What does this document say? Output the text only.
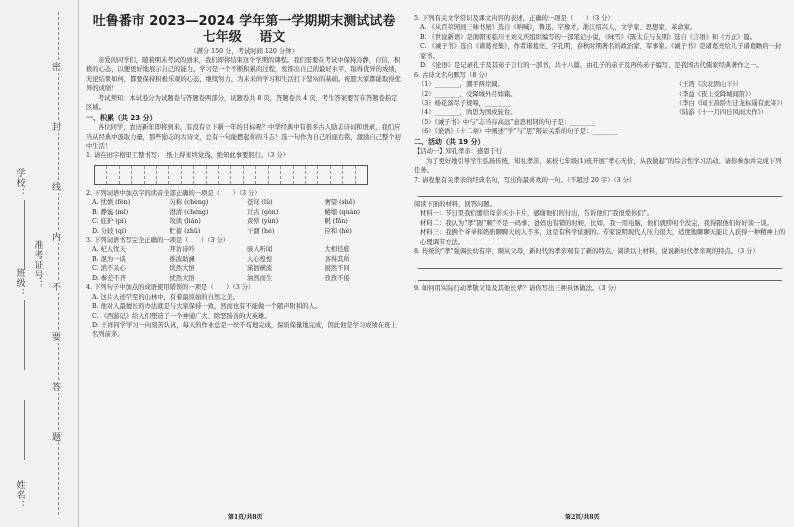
学校：
班级：
姓名：
准考证号：
密
封
线
内
不
要
答
题

吐鲁番市 2023—2024 学年第一学期期末测试试卷

七年级　 语文

（满分 150 分，考试时间 120 分钟）

亲爱的同学们，随着期末考试的到来，我们即将结束这个学期的课程。我们需要在考试中保持冷静，自信，积极的心态，以便更好地展示自己的能力。学习是一个不断积累的过程，发挥出自己的最好水平，取得优异的成绩，无论结果如何，都要保持积极乐观的心态，继续努力，为未来的学习和生活打下坚实的基础。祝愿大家都能取得优异的成绩！

考试须知：本试卷分为试题卷与答题卷两部分，试题卷共 8 页，答题卷共 4 页，考生答案要写在答题卷指定区域。

一、积累（共 23 分）

各位同学，农历新年即将到来，有没有立下新一年的目标呢？中华经典中有很多古人励志诗词和语录，我们应当从经典中汲取力量，那些励志的古诗文，总有一句能燃起你的斗志！选一句作为自己的座右铭，激励自己整个初中生活！

1. 请在田字格里工整书写：　纸上得来终觉浅，绝知此事要躬行。（3 分）

2. 下列词语中加点字的读音全部正确的一项是（　　）（3 分）

A. 忧愤 (fèn)	匀称 (chèng)	苍穹 (lǔ)	奢望 (shē)
B. 静谧 (mì)	澄清 (chéng)	亘古 (gèn)	蜷缩 (quán)
C. 庇护 (pì)	攻读 (lián)	黄晕 (yùn)	帆 (fān)
D. 分歧 (qí)	贮蓄 (zhǔ)	干涸 (hé)	应和 (hè)

3. 下列词语书写完全正确的一项是（　　）（3 分）

A. 杞人忧天	拜访诗吟	骇人听闻	大相径庭
B. 混为一谈	推波助澜	人心惶惶	各得其所
C. 滔不关心	恍然大悟	涕泗横流	迥然不同
D. 参差不齐	忧然大悟	油然而生	孜孜不倦

4. 下列句子中加点的成语使用错误的一项是（　　）（3 分）

A. 这片人迹罕至的山林中，有着最原始的自然之美。

B. 他对人最擅长的办法就是与大家保持一致，然而也有不能做一个随声附和的人。

C. 《西游记》给人们塑造了一个神通广大、除恶扬善的大英雄。

D. 王祥同学学习一向刻苦认真，每天的作业总是一丝不苟地完成，保质保量地完成，因此他是学习成绩在班上名列前茅。

第1页/共8页

5. 下列有关文学常识及课文内容的表述，正确的一项是（　　）（3 分）

A. 《从百草园到三味书屋》选自《呐喊》，鲁迅，字豫才，浙江绍兴人，文学家、思想家、革命家。

B. 《世说新语》是南朝宋临川王刘义庆组织编写的一部笔记小说，《咏雪》《陈太丘与友期》选自《言语》和《方正》篇。

C. 《诫子书》选自《诸葛亮集》，作者诸葛亮，字孔明，春秋时期著名的政治家、军事家。《诫子书》是诸葛亮给儿子诸葛瞻的一封家书。

D. 《论语》是记录孔子及其弟子言行的一部书，共十八篇，由孔子的弟子及再传弟子编写，是我国古代儒家经典著作之一。

6. 古诗文名句默写（8 分）

（1）________，潮平两岸阔。	（王湾《次北固山下》）
（2）________，受降城外月如霜。	（李益《夜上受降城闻笛》）
（3）杨花落尽子规啼，________	（李白《闻王昌龄左迁龙标遥有此寄》）
（4）________，尚思为国戍轮台。	（陆游《十一月四日风雨大作》）
（5）《诫子书》中与“志当存高远”意思相同的句子是：________
（6）《论语》（十二章）中阐述“学”与“思”辩证关系的句子是：________

二、活动（共 19 分）

【活动一】知孔孝亲：感恩于行

为了更好地引导学生弘扬传统，知礼孝亲，某校七年级(1)班开展“孝心无价，从我做起”的综合性学习活动。请你参加并完成下列任务。

7. 请收集有关孝亲的经典名句，写出你最喜欢的一句。（不超过 20 字）（3 分）

阅读下面的材料，回答问题。

材料一：节日里我们要给母亲买小卡片，感谢他们的付出，告诉他们“我很爱你们”。

材料二：我认为“孝”跟“顺”不是一码事，爸妈也有错的时候，比如，我一用电脑，他们就唠叨个没完，我得跟他们好好谈一谈。

材料三：我俩个爷爷和奶奶聊聊天的人不多，这是有科学依据的。专家说明现代人压力很大，适度地聊聊天能让人获得一种精神上的心理调节方法。

8. 传统的“孝”强调长幼有序、顺从父母，新时代的孝亲观有了新的特点。阅读以上材料，说说新时代孝亲观的特点。（3 分）

9. 如何用实际行动孝敬父母及其他长辈？请你写出三种具体做法。（3 分）

第2页/共8页
